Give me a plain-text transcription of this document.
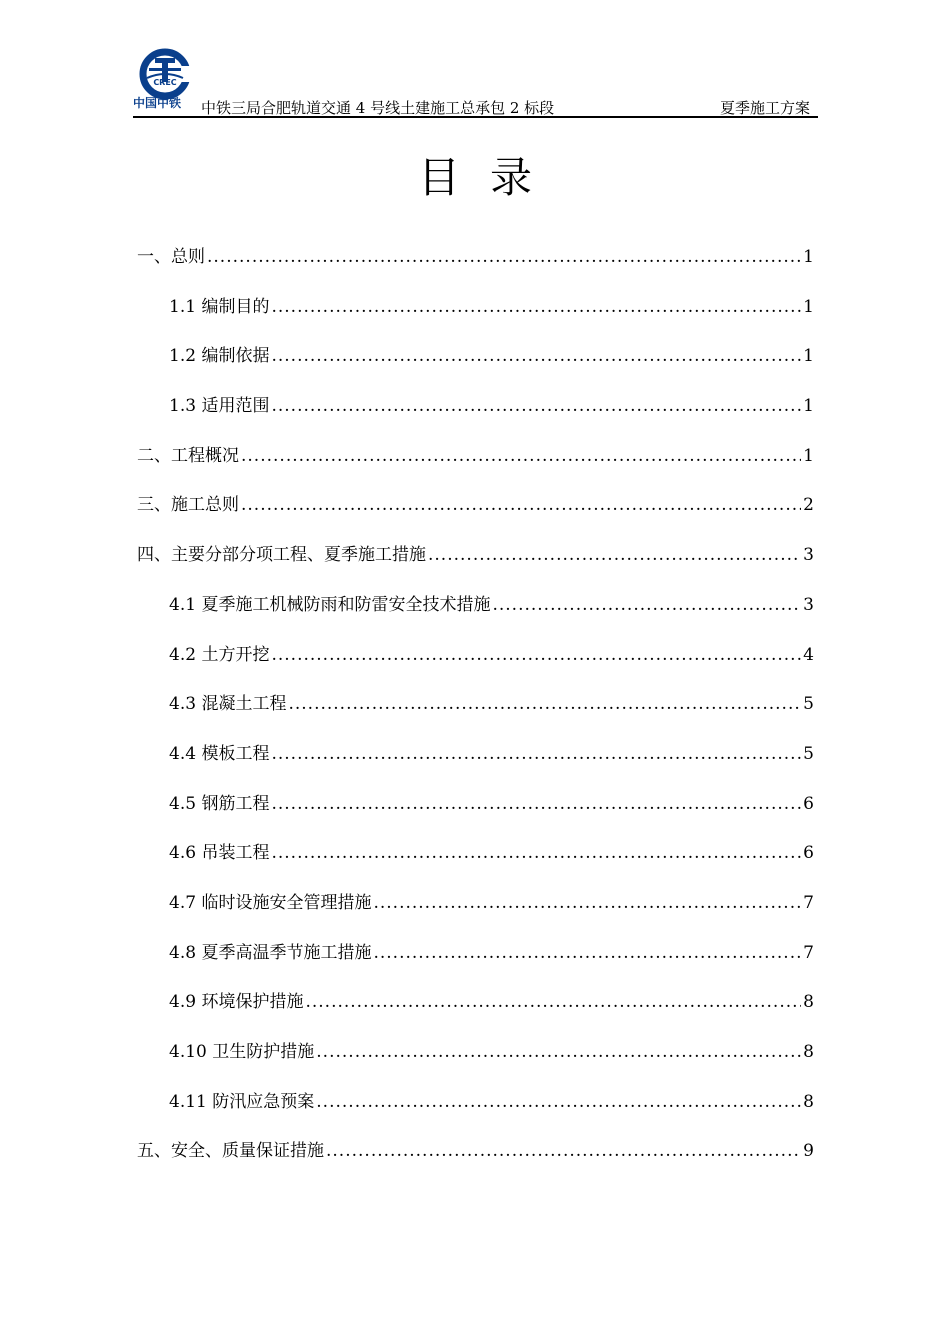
CREC
中国中铁 中铁三局合肥轨道交通 4 号线土建施工总承包 2 标段	夏季施工方案
目录
一、总则 .....	1
1.1 编制目的 .....	1
1.2 编制依据 .....	1
1.3 适用范围 .....	1
二、工程概况 .....	1
三、施工总则 .....	2
四、主要分部分项工程、夏季施工措施 .....	3
4.1 夏季施工机械防雨和防雷安全技术措施 .....	3
4.2 土方开挖 .....	4
4.3 混凝土工程 .....	5
4.4 模板工程 .....	5
4.5 钢筋工程 .....	6
4.6 吊装工程 .....	6
4.7 临时设施安全管理措施 .....	7
4.8 夏季高温季节施工措施 .....	7
4.9 环境保护措施 .....	8
4.10 卫生防护措施 .....	8
4.11 防汛应急预案 .....	8
五、安全、质量保证措施 .....	9
